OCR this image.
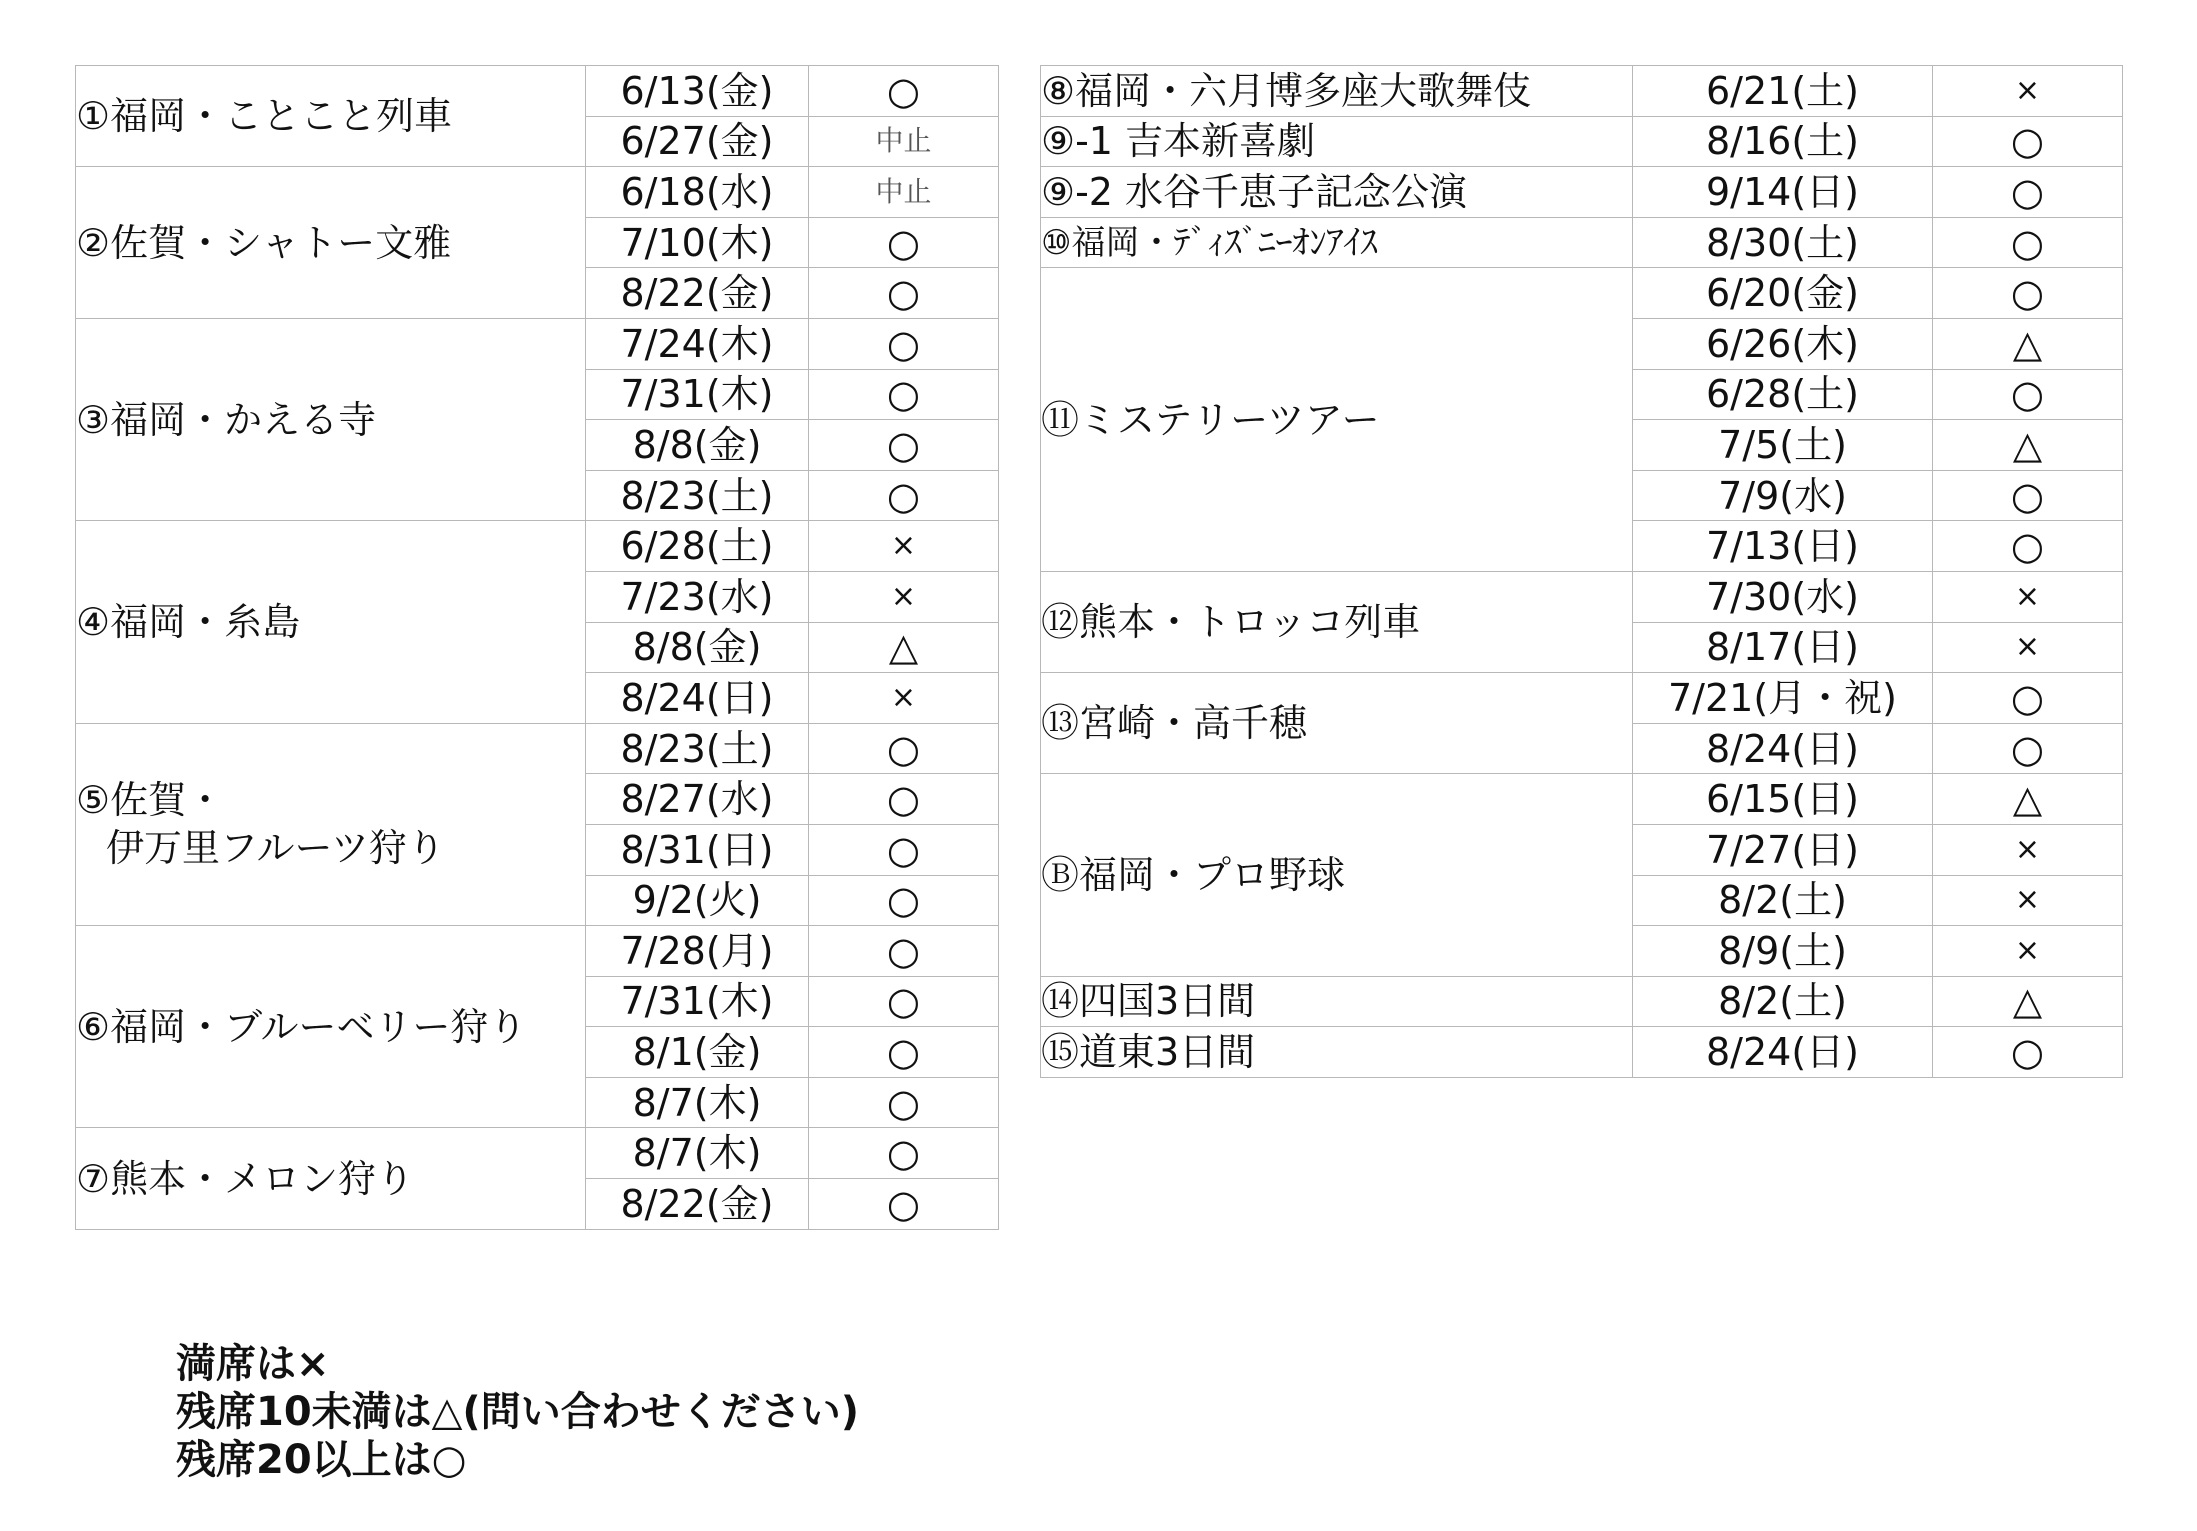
①福岡・ことこと列車	6/13(金)	○
	6/27(金)	中止
②佐賀・シャトー文雅	6/18(水)	中止
	7/10(木)	○
	8/22(金)	○
③福岡・かえる寺	7/24(木)	○
	7/31(木)	○
	8/8(金)	○
	8/23(土)	○
④福岡・糸島	6/28(土)	×
	7/23(水)	×
	8/8(金)	△
	8/24(日)	×
⑤佐賀・
伊万里フルーツ狩り	8/23(土)	○
	8/27(水)	○
	8/31(日)	○
	9/2(火)	○
⑥福岡・ブルーベリー狩り	7/28(月)	○
	7/31(木)	○
	8/1(金)	○
	8/7(木)	○
⑦熊本・メロン狩り	8/7(木)	○
	8/22(金)	○
⑧福岡・六月博多座大歌舞伎	6/21(土)	×
⑨-1 吉本新喜劇	8/16(土)	○
⑨-2 水谷千恵子記念公演	9/14(日)	○
⑩福岡・ﾃﾞｨｽﾞﾆｰｵﾝｱｲｽ	8/30(土)	○
⑪ミステリーツアー	6/20(金)	○
	6/26(木)	△
	6/28(土)	○
	7/5(土)	△
	7/9(水)	○
	7/13(日)	○
⑫熊本・トロッコ列車	7/30(水)	×
	8/17(日)	×
⑬宮崎・高千穂	7/21(月・祝)	○
	8/24(日)	○
Ⓑ福岡・プロ野球	6/15(日)	△
	7/27(日)	×
	8/2(土)	×
	8/9(土)	×
⑭四国3日間	8/2(土)	△
⑮道東3日間	8/24(日)	○
満席は×
残席10未満は△(問い合わせください)
残席20以上は○
